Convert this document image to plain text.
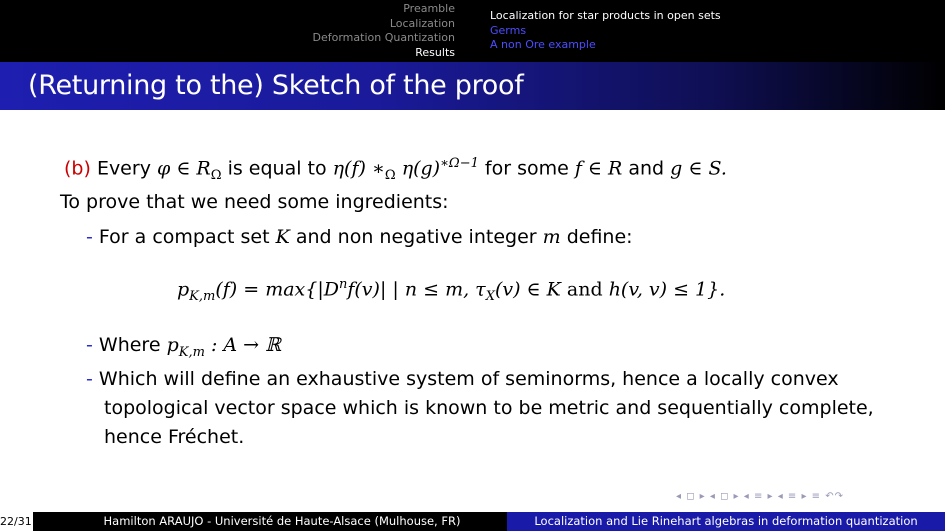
Preamble
Localization
Deformation Quantization
Results
Localization for star products in open sets
Germs
A non Ore example
(Returning to the) Sketch of the proof
(b) Every φ ∈ $R_\Omega$ is equal to η(f) $∗_\Omega$ $\eta(g)^{∗\Omega-1}$ for some f ∈ R and g ∈ S.
To prove that we need some ingredients:
- For a compact set K and non negative integer m define:
$p_{K,m}(f) = \max\{|D^nf(v)|$ | n ≤ m, $\tau_X(v)$ ∈ K and h(v, v) ≤ 1}.
- Where $p_{K,m}$ : A → ℝ
- Which will define an exhaustive system of seminorms, hence a locally convex
topological vector space which is known to be metric and sequentially complete,
hence Fréchet.
◂ ◻ ▸ ◂ ◻ ▸ ◂ ≡ ▸ ◂ ≡ ▸ ≡ ↶↷
22/31	Hamilton ARAUJO - Université de Haute-Alsace (Mulhouse, FR)	Localization and Lie Rinehart algebras in deformation quantization
